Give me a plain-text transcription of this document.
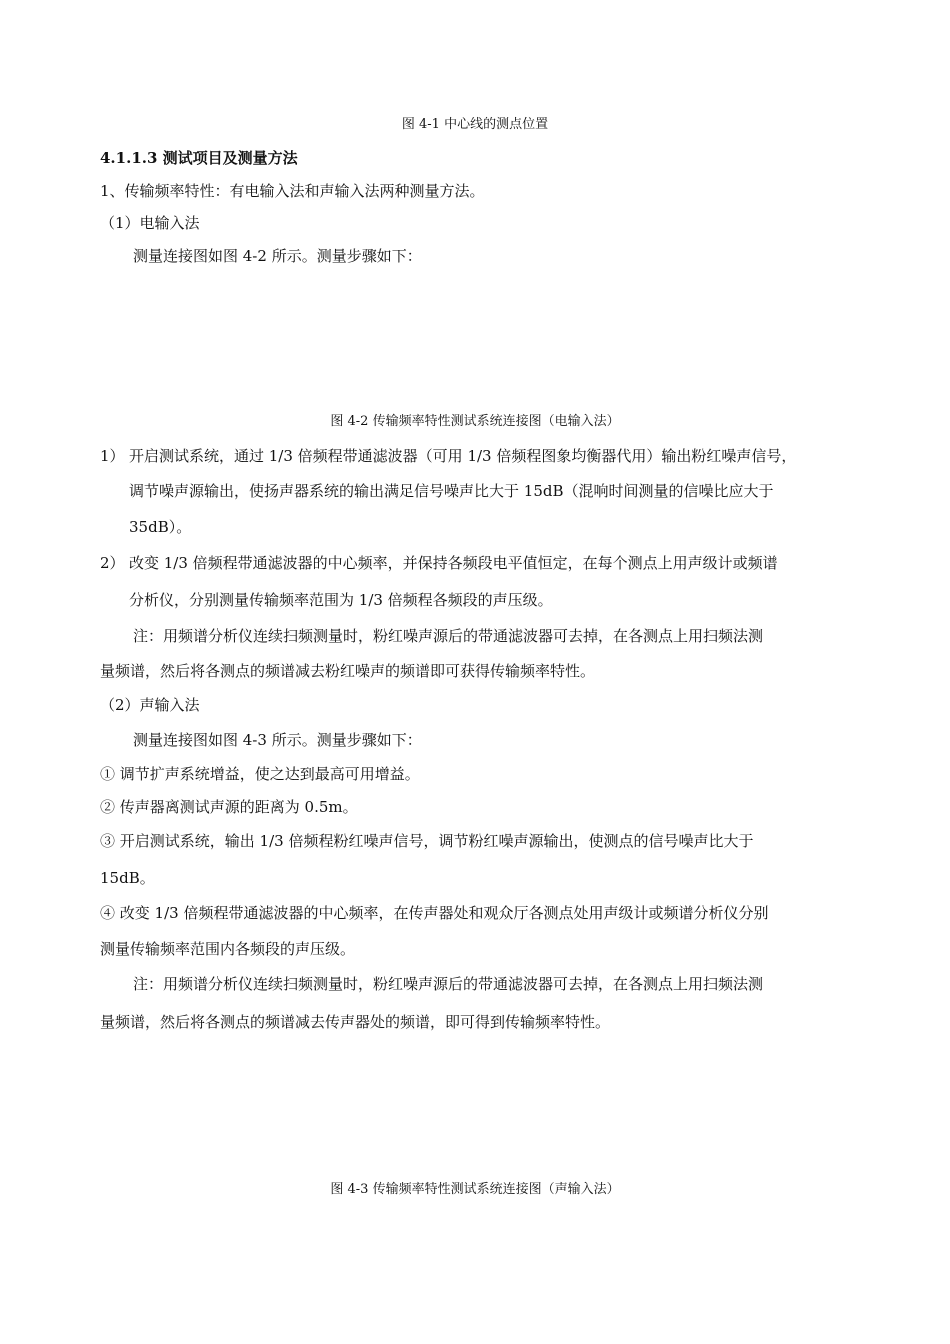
图 4-1 中心线的测点位置
4.1.1.3 测试项目及测量方法
1、传输频率特性：有电输入法和声输入法两种测量方法。
（1）电输入法
测量连接图如图 4-2 所示。测量步骤如下：
图 4-2 传输频率特性测试系统连接图（电输入法）
1） 开启测试系统，通过 1/3 倍频程带通滤波器（可用 1/3 倍频程图象均衡器代用）输出粉红噪声信号，
调节噪声源输出，使扬声器系统的输出满足信号噪声比大于 15dB（混响时间测量的信噪比应大于
35dB）。
2） 改变 1/3 倍频程带通滤波器的中心频率，并保持各频段电平值恒定，在每个测点上用声级计或频谱
分析仪，分别测量传输频率范围为 1/3 倍频程各频段的声压级。
注：用频谱分析仪连续扫频测量时，粉红噪声源后的带通滤波器可去掉，在各测点上用扫频法测
量频谱，然后将各测点的频谱减去粉红噪声的频谱即可获得传输频率特性。
（2）声输入法
测量连接图如图 4-3 所示。测量步骤如下：
① 调节扩声系统增益，使之达到最高可用增益。
② 传声器离测试声源的距离为 0.5m。
③ 开启测试系统，输出 1/3 倍频程粉红噪声信号，调节粉红噪声源输出，使测点的信号噪声比大于
15dB。
④ 改变 1/3 倍频程带通滤波器的中心频率，在传声器处和观众厅各测点处用声级计或频谱分析仪分别
测量传输频率范围内各频段的声压级。
注：用频谱分析仪连续扫频测量时，粉红噪声源后的带通滤波器可去掉，在各测点上用扫频法测
量频谱，然后将各测点的频谱减去传声器处的频谱，即可得到传输频率特性。
图 4-3 传输频率特性测试系统连接图（声输入法）
